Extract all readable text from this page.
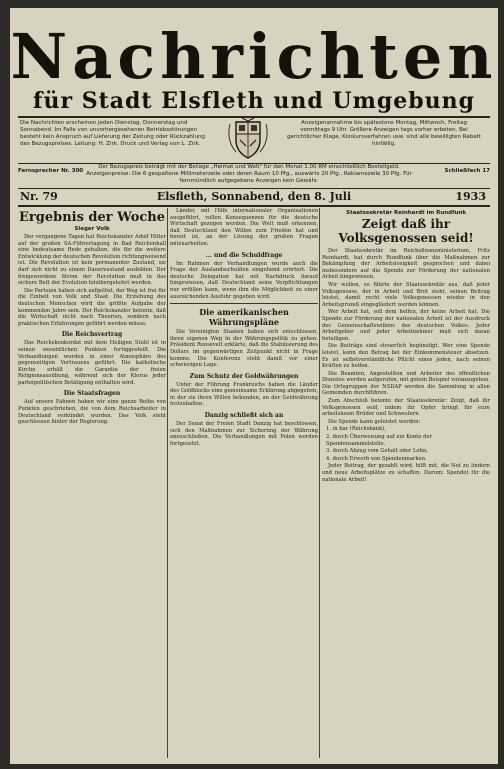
Nachrichten
für Stadt Elsfleth und Umgebung
Die Nachrichten erscheinen jeden Dienstag, Donnerstag und Sonnabend. Im Falle von unvorhergesehenen Betriebsstörungen besteht kein Anspruch auf Lieferung der Zeitung oder Rückzahlung des Bezugspreises. Leitung: H. Zirk. Druck und Verlag von L. Zirk.
Anzeigenannahme bis spätestens Montag, Mittwoch, Freitag vormittags 9 Uhr. Größere Anzeigen tags vorher erbeten. Bei gerichtlicher Klage, Konkursverfahren usw. sind alle bewilligten Rabatt hinfällig.
Fernsprecher Nr. 300
Der Bezugspreis beträgt mit der Beilage „Heimat und Welt" für den Monat 1.00 RM einschließlich Bestellgeld. Anzeigenpreise: Die 6 gespaltene Millimeterzeile oder deren Raum 10 Pfg., auswärts 20 Pfg., Reklamezeile 30 Pfg. Für fernmündlich aufgegebene Anzeigen kein Gewähr.
Schließfach 17
Nr. 79	Elsfleth, Sonnabend, den 8. Juli	1933
Ergebnis der Woche
Sieger Volk

Der vergangene Tagen hat Reichskanzler Adolf Hitler auf der großen SA-Führertagung in Bad Reichenhall eine bedeutsame Rede gehalten, die für die weitere Entwicklung der deutschen Revolution richtungweisend ist. Die Revolution ist kein permanenter Zustand, sie darf sich nicht zu einem Dauerzustand ausbilden. Der freigewordene Strom der Revolution muß in das sichere Bett der Evolution hinübergeleitet werden.

Die Parteien haben sich aufgelöst, der Weg ist frei für die Einheit von Volk und Staat. Die Erziehung des deutschen Menschen wird die größte Aufgabe der kommenden Jahre sein. Der Reichskanzler betonte, daß die Wirtschaft nicht nach Theorien, sondern nach praktischen Erfahrungen geführt werden müsse.

Die Reichsvertrag

Das Reichskonkordat mit dem Heiligen Stuhl ist in seinen wesentlichen Punkten fertiggestellt. Die Verhandlungen wurden in einer Atmosphäre des gegenseitigen Vertrauens geführt. Die katholische Kirche erhält die Garantie der freien Religionsausübung, während sich der Klerus jeder parteipolitischen Betätigung enthalten wird.

Die Staatsfragen

Auf unsere Fahnen haben wir eine ganze Reihe von Punkten geschrieben, die von dem Reichsarbeiter in Deutschland verkündet wurden. Das Volk steht geschlossen hinter der Regierung.

Länder, mit Hilfe internationaler Organisationen ausgeführt, vollen Konsequenzen für die deutsche Wirtschaft gezogen werden. Die Welt muß erkennen, daß Deutschland den Willen zum Frieden hat und bereit ist, an der Lösung der großen Fragen mitzuarbeiten.

... und die Schuldfrage

Im Rahmen der Verhandlungen wurde auch die Frage der Auslandsschulden eingehend erörtert. Die deutsche Delegation hat mit Nachdruck darauf hingewiesen, daß Deutschland seine Verpflichtungen nur erfüllen kann, wenn ihm die Möglichkeit zu einer ausreichenden Ausfuhr gegeben wird.

Die amerikanischen Währungspläne

Die Vereinigten Staaten haben sich entschlossen, ihren eigenen Weg in der Währungspolitik zu gehen. Präsident Roosevelt erklärte, daß die Stabilisierung des Dollars im gegenwärtigen Zeitpunkt nicht in Frage komme. Die Konferenz steht damit vor einer schwierigen Lage.

Zum Schutz der Goldwährungen

Unter der Führung Frankreichs haben die Länder des Goldblocks eine gemeinsame Erklärung abgegeben, in der sie ihren Willen bekunden, an der Goldwährung festzuhalten.

Danzig schließt sich an

Der Senat der Freien Stadt Danzig hat beschlossen, sich den Maßnahmen zur Sicherung der Währung anzuschließen. Die Verhandlungen mit Polen werden fortgesetzt.

Staatssekretär Reinhardt im Rundfunk
Zeigt daß ihr Volksgenossen seid!

Der Staatssekretär im Reichsfinanzministerium, Fritz Reinhardt, hat durch Rundfunk über die Maßnahmen zur Bekämpfung der Arbeitslosigkeit gesprochen und dabei insbesondere auf die Spende zur Förderung der nationalen Arbeit hingewiesen.

Wir wollen, so führte der Staatssekretär aus, daß jeder Volksgenosse, der in Arbeit und Brot steht, seinen Beitrag leistet, damit recht viele Volksgenossen wieder in den Arbeitsprozeß eingegliedert werden können.

Wer Arbeit hat, soll dem helfen, der keine Arbeit hat. Die Spende zur Förderung der nationalen Arbeit ist der Ausdruck des Gemeinschaftswillens des deutschen Volkes. Jeder Arbeitgeber und jeder Arbeitnehmer muß sich daran beteiligen.

Die Beiträge sind steuerlich begünstigt. Wer eine Spende leistet, kann den Betrag bei der Einkommensteuer absetzen. Es ist selbstverständliche Pflicht eines jeden, nach seinen Kräften zu helfen.

Die Beamten, Angestellten und Arbeiter des öffentlichen Dienstes werden aufgerufen, mit gutem Beispiel voranzugehen. Die Ortsgruppen der NSDAP werden die Sammlung in allen Gemeinden durchführen.

Zum Abschluß betonte der Staatssekretär: Zeigt, daß ihr Volksgenossen seid, indem ihr Opfer bringt für eure arbeitslosen Brüder und Schwestern.

Die Spende kann geleistet werden:

1. in bar (Reichsbank),
2. durch Überweisung auf ein Konto der Spendensammelstelle,
3. durch Abzug vom Gehalt oder Lohn,
4. durch Erwerb von Spendenmarken.

Jeder Beitrag, der gezahlt wird, hilft mit, die Not zu lindern und neue Arbeitsplätze zu schaffen. Darum: Spendet für die nationale Arbeit!
